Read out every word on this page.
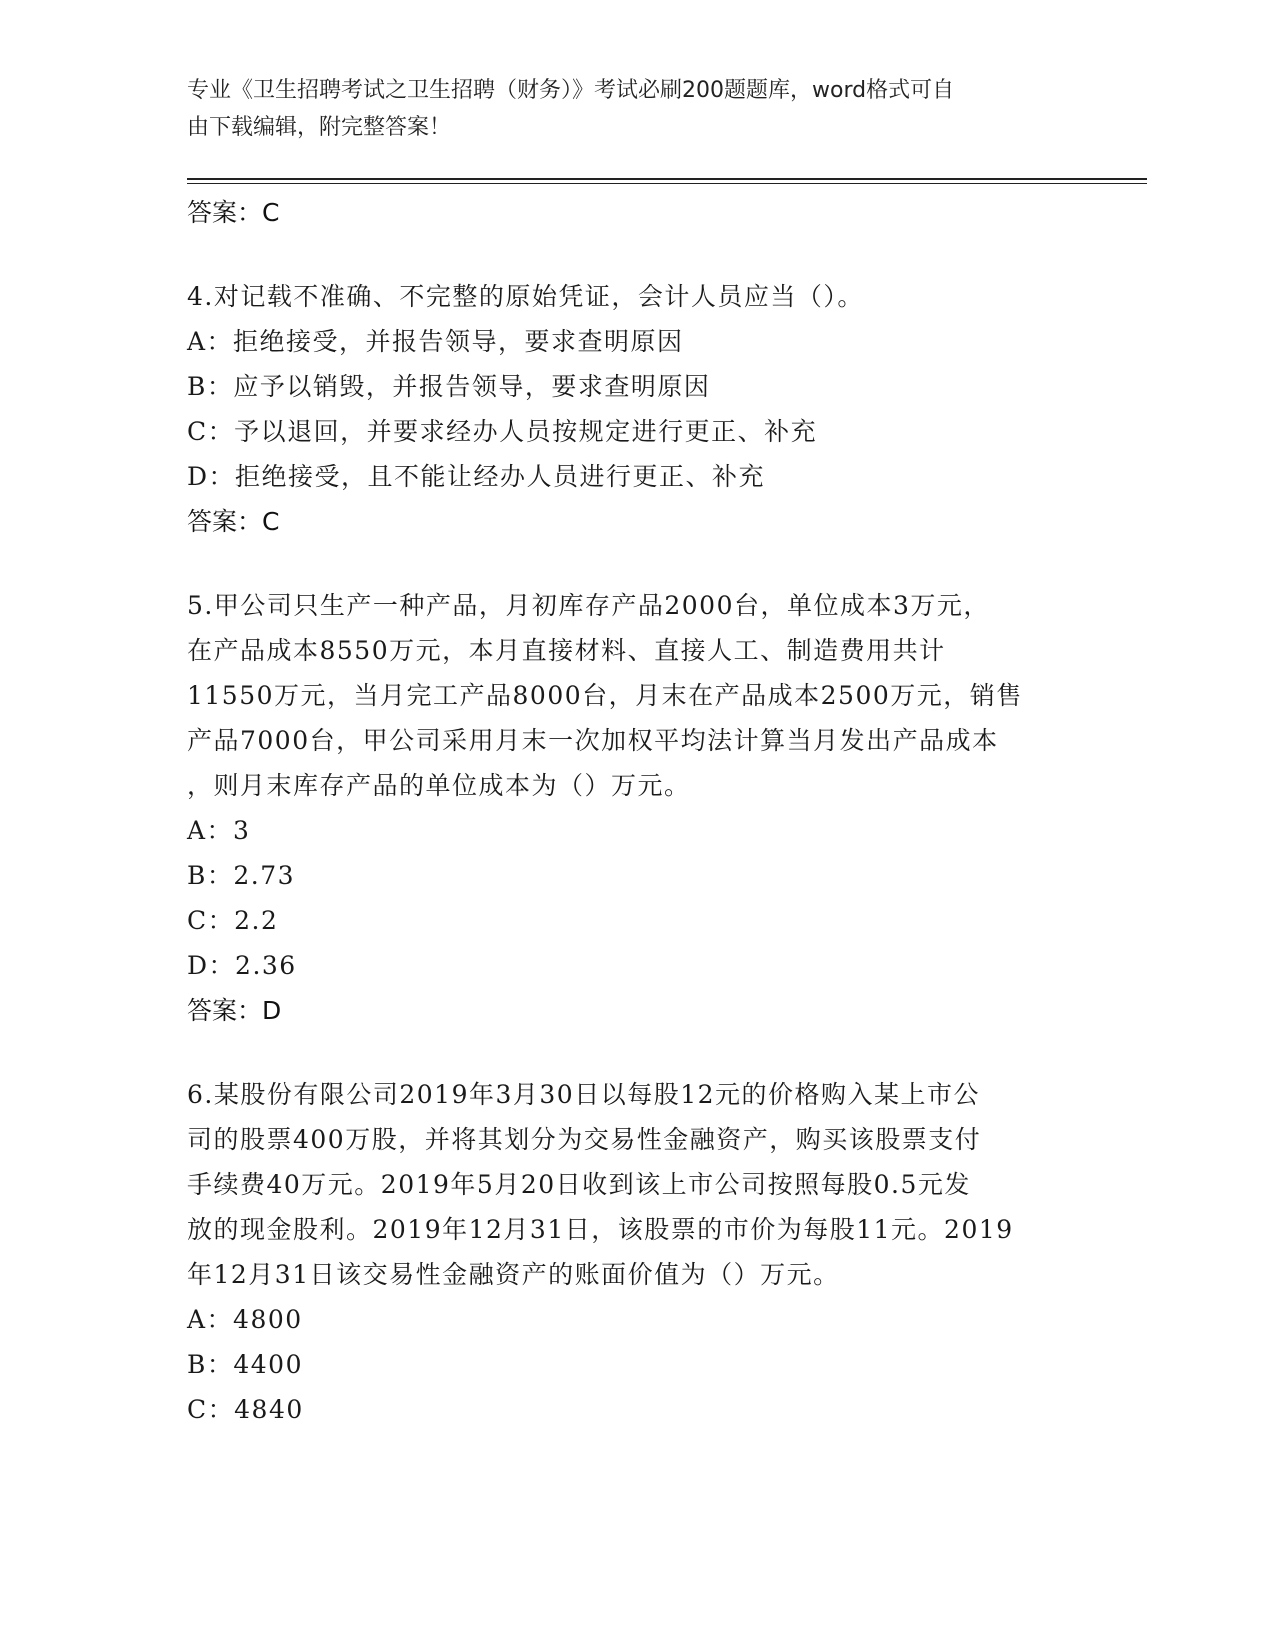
专业《卫生招聘考试之卫生招聘（财务）》考试必刷200题题库，word格式可自
由下载编辑，附完整答案！
答案：C
4.对记载不准确、不完整的原始凭证，会计人员应当（）。
A：拒绝接受，并报告领导，要求查明原因
B：应予以销毁，并报告领导，要求查明原因
C：予以退回，并要求经办人员按规定进行更正、补充
D：拒绝接受，且不能让经办人员进行更正、补充
答案：C
5.甲公司只生产一种产品，月初库存产品2000台，单位成本3万元，
在产品成本8550万元，本月直接材料、直接人工、制造费用共计
11550万元，当月完工产品8000台，月末在产品成本2500万元，销售
产品7000台，甲公司采用月末一次加权平均法计算当月发出产品成本
，则月末库存产品的单位成本为（）万元。
A：3
B：2.73
C：2.2
D：2.36
答案：D
6.某股份有限公司2019年3月30日以每股12元的价格购入某上市公
司的股票400万股，并将其划分为交易性金融资产，购买该股票支付
手续费40万元。2019年5月20日收到该上市公司按照每股0.5元发
放的现金股利。2019年12月31日，该股票的市价为每股11元。2019
年12月31日该交易性金融资产的账面价值为（）万元。
A：4800
B：4400
C：4840
